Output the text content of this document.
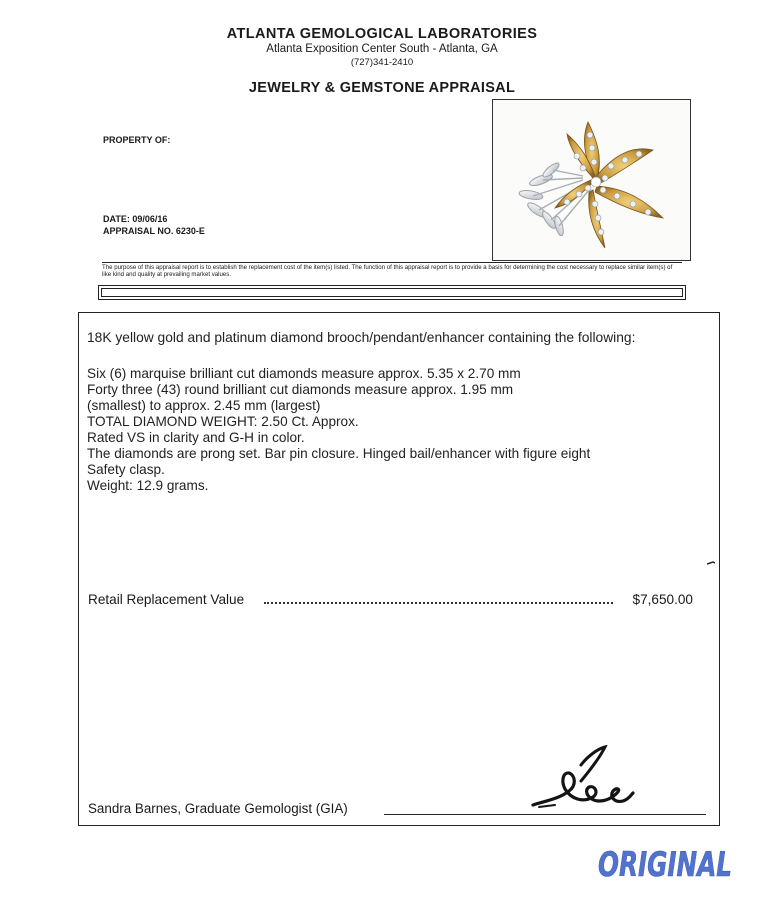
ATLANTA GEMOLOGICAL LABORATORIES
Atlanta Exposition Center South - Atlanta, GA
(727)341-2410
JEWELRY & GEMSTONE APPRAISAL
PROPERTY OF:
DATE: 09/06/16
APPRAISAL NO. 6230-E
The purpose of this appraisal report is to establish the replacement cost of the item(s) listed. The function of this appraisal report is to provide a basis for determining the cost necessary to replace similar item(s) of like kind and quality at prevailing market values.
18K yellow gold and platinum diamond brooch/pendant/enhancer containing the following:
Six (6) marquise brilliant cut diamonds measure approx. 5.35 x 2.70 mm
Forty three (43) round brilliant cut diamonds measure approx. 1.95 mm
(smallest) to approx. 2.45 mm (largest)
TOTAL DIAMOND WEIGHT: 2.50 Ct. Approx.
Rated VS in clarity and G-H in color.
The diamonds are prong set. Bar pin closure. Hinged bail/enhancer with figure eight
Safety clasp.
Weight: 12.9 grams.
Retail Replacement Value	$7,650.00
Sandra Barnes, Graduate Gemologist (GIA)
ORIGINAL
